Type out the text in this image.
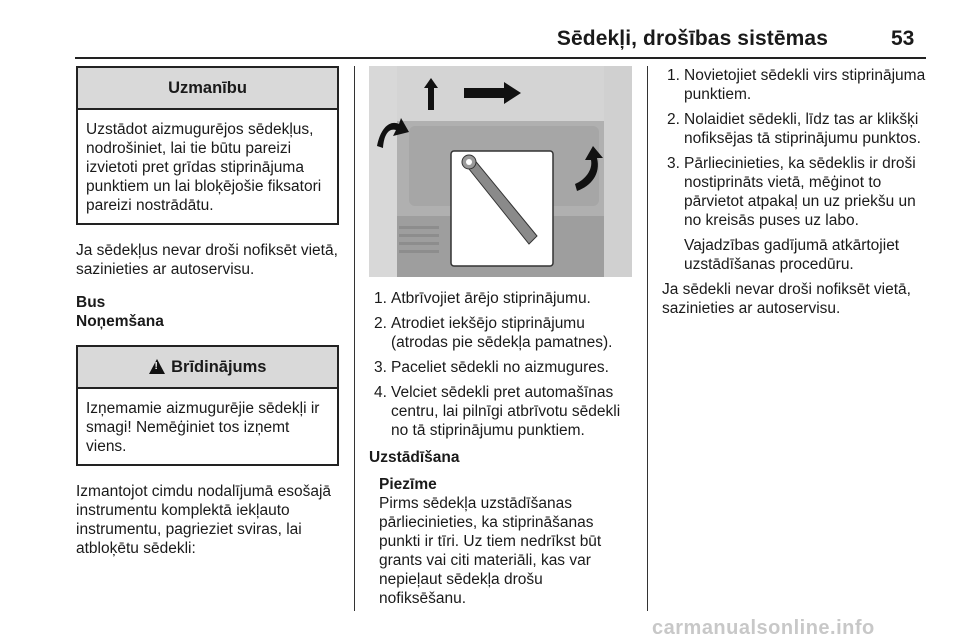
Sēdekļi, drošības sistēmas	53
Uzmanību
Uzstādot aizmugurējos sēdekļus, nodrošiniet, lai tie būtu pareizi izvietoti pret grīdas stiprinājuma punktiem un lai bloķējošie fiksatori pareizi nostrādātu.

Ja sēdekļus nevar droši nofiksēt vietā, sazinieties ar autoservisu.

Bus
Noņemšana
! Brīdinājums
Izņemamie aizmugurējie sēdekļi ir smagi! Nemēģiniet tos izņemt viens.

Izmantojot cimdu nodalījumā esošajā instrumentu komplektā iekļauto instrumentu, pagrieziet sviras, lai atbloķētu sēdekli:

1. Atbrīvojiet ārējo stiprinājumu.
2. Atrodiet iekšējo stiprinājumu (atrodas pie sēdekļa pamatnes).
3. Paceliet sēdekli no aizmugures.
4. Velciet sēdekli pret automašīnas centru, lai pilnīgi atbrīvotu sēdekli no tā stiprinājumu punktiem.
Uzstādīšana
Piezīme
Pirms sēdekļa uzstādīšanas pārliecinieties, ka stiprināšanas punkti ir tīri. Uz tiem nedrīkst būt grants vai citi materiāli, kas var nepieļaut sēdekļa drošu nofiksēšanu.
1. Novietojiet sēdekli virs stiprinājuma punktiem.
2. Nolaidiet sēdekli, līdz tas ar klikšķi nofiksējas tā stiprinājumu punktos.
3. Pārliecinieties, ka sēdeklis ir droši nostiprināts vietā, mēģinot to pārvietot atpakaļ un uz priekšu un no kreisās puses uz labo.
Vajadzības gadījumā atkārtojiet uzstādīšanas procedūru.

Ja sēdekli nevar droši nofiksēt vietā, sazinieties ar autoservisu.

carmanualsonline.info
